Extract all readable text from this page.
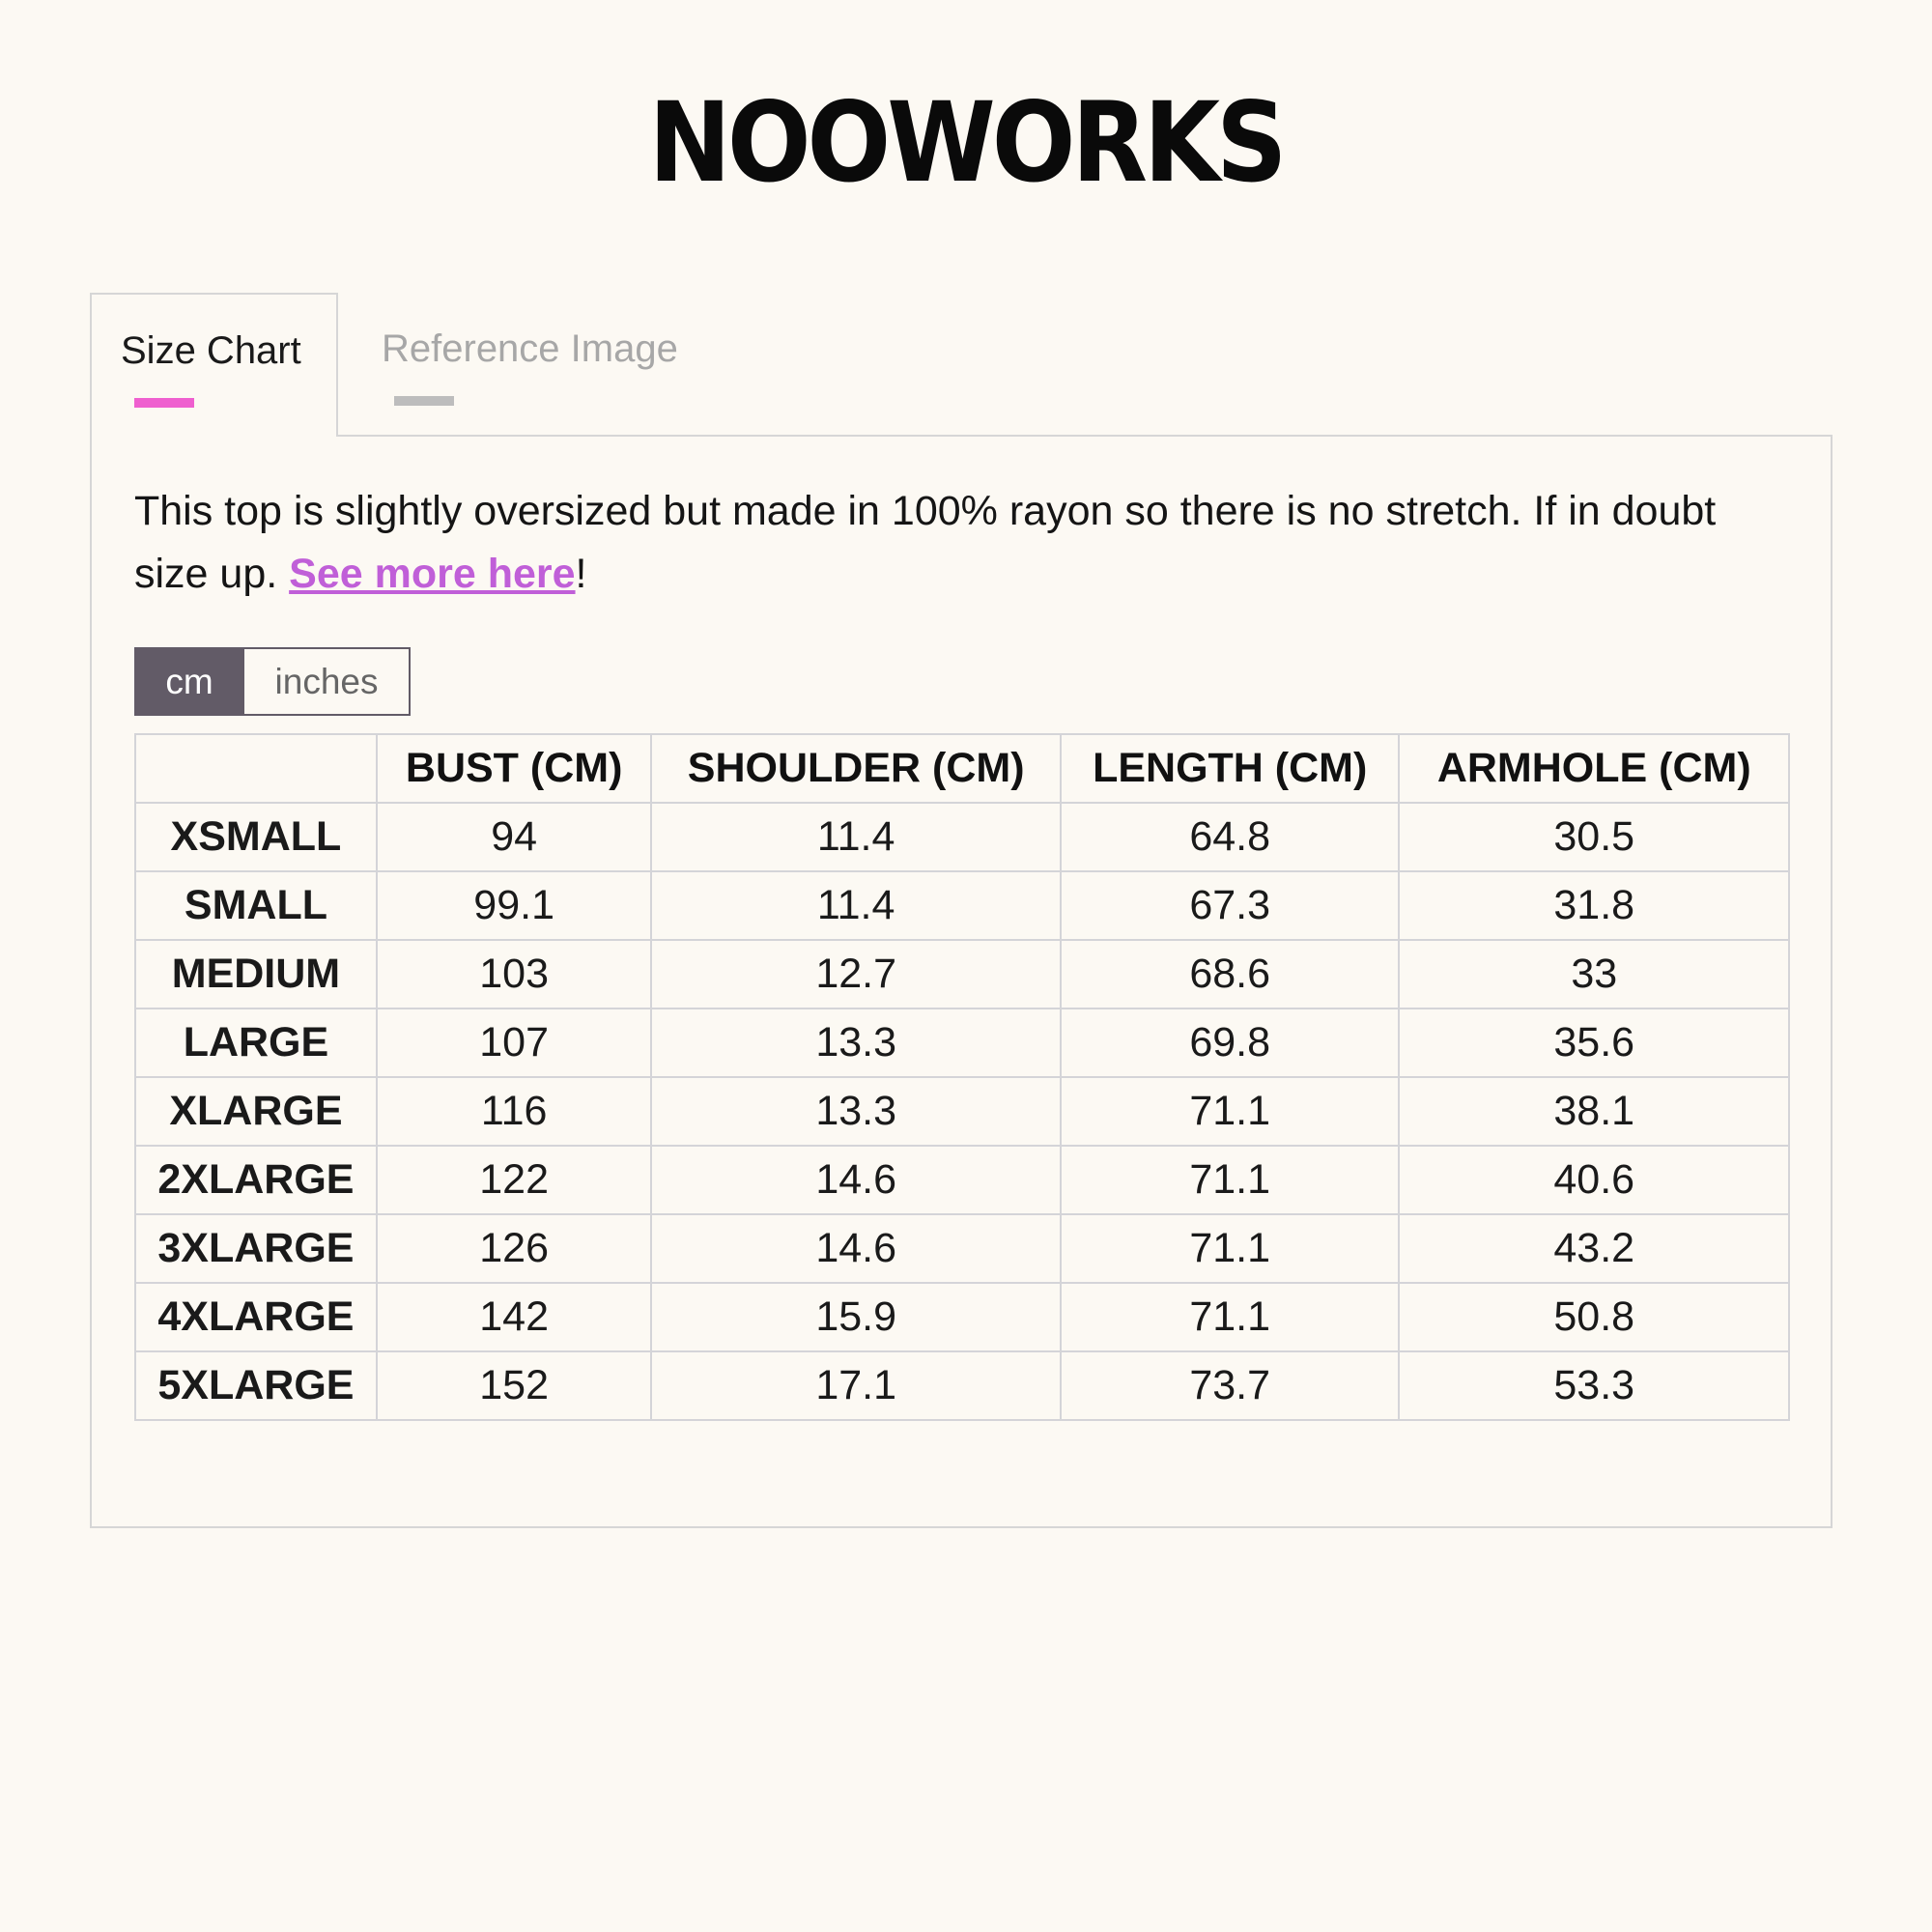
NOOWORKS
Size Chart Reference Image
This top is slightly oversized but made in 100% rayon so there is no stretch. If in doubt size up. See more here!
cm	inches
	BUST (CM)	SHOULDER (CM)	LENGTH (CM)	ARMHOLE (CM)
XSMALL	94	11.4	64.8	30.5
SMALL	99.1	11.4	67.3	31.8
MEDIUM	103	12.7	68.6	33
LARGE	107	13.3	69.8	35.6
XLARGE	116	13.3	71.1	38.1
2XLARGE	122	14.6	71.1	40.6
3XLARGE	126	14.6	71.1	43.2
4XLARGE	142	15.9	71.1	50.8
5XLARGE	152	17.1	73.7	53.3
